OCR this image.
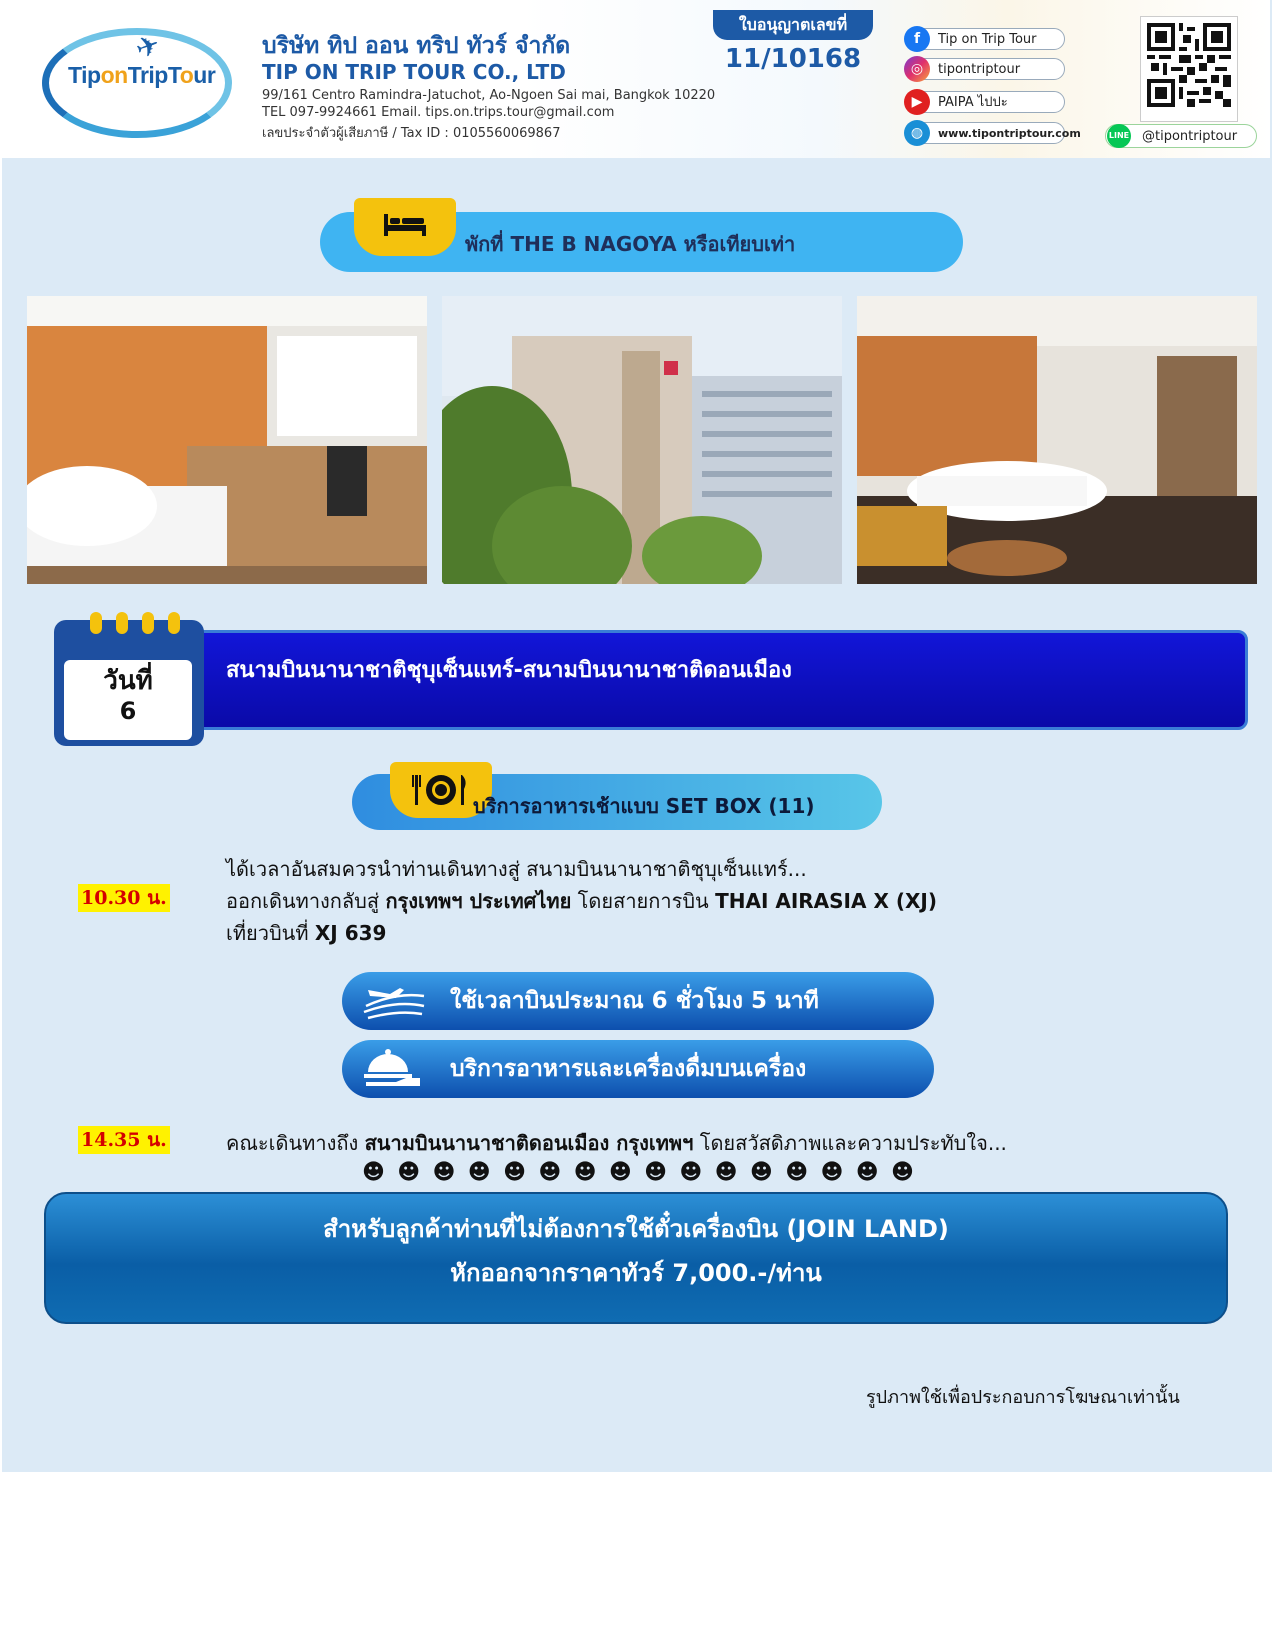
✈
TiponTripTour
บริษัท ทิป ออน ทริป ทัวร์ จำกัด
TIP ON TRIP TOUR CO., LTD
99/161 Centro Ramindra-Jatuchot, Ao-Ngoen Sai mai, Bangkok 10220
TEL 097-9924661 Email. tips.on.trips.tour@gmail.com
เลขประจำตัวผู้เสียภาษี / Tax ID : 0105560069867
ใบอนุญาตเลขที่
11/10168
f	Tip on Trip Tour
◎	tipontriptour
▶	PAIPA ไปปะ
◍	www.tipontriptour.com	LINE @tipontriptour
พักที่ THE B NAGOYA หรือเทียบเท่า
สนามบินนานาชาติชุบุเซ็นแทร์-สนามบินนานาชาติดอนเมือง
วันที่
6
บริการอาหารเช้าแบบ SET BOX (11)
10.30 น.
ได้เวลาอันสมควรนำท่านเดินทางสู่ สนามบินนานาชาติชุบุเซ็นแทร์...
ออกเดินทางกลับสู่ กรุงเทพฯ ประเทศไทย โดยสายการบิน THAI AIRASIA X (XJ)
เที่ยวบินที่ XJ 639
ใช้เวลาบินประมาณ 6 ชั่วโมง 5 นาที
บริการอาหารและเครื่องดื่มบนเครื่อง
14.35 น.	คณะเดินทางถึง สนามบินนานาชาติดอนเมือง กรุงเทพฯ โดยสวัสดิภาพและความประทับใจ...
☻ ☻ ☻ ☻ ☻ ☻ ☻ ☻ ☻ ☻ ☻ ☻ ☻ ☻ ☻ ☻
สำหรับลูกค้าท่านที่ไม่ต้องการใช้ตั๋วเครื่องบิน (JOIN LAND)
หักออกจากราคาทัวร์ 7,000.-/ท่าน
รูปภาพใช้เพื่อประกอบการโฆษณาเท่านั้น
